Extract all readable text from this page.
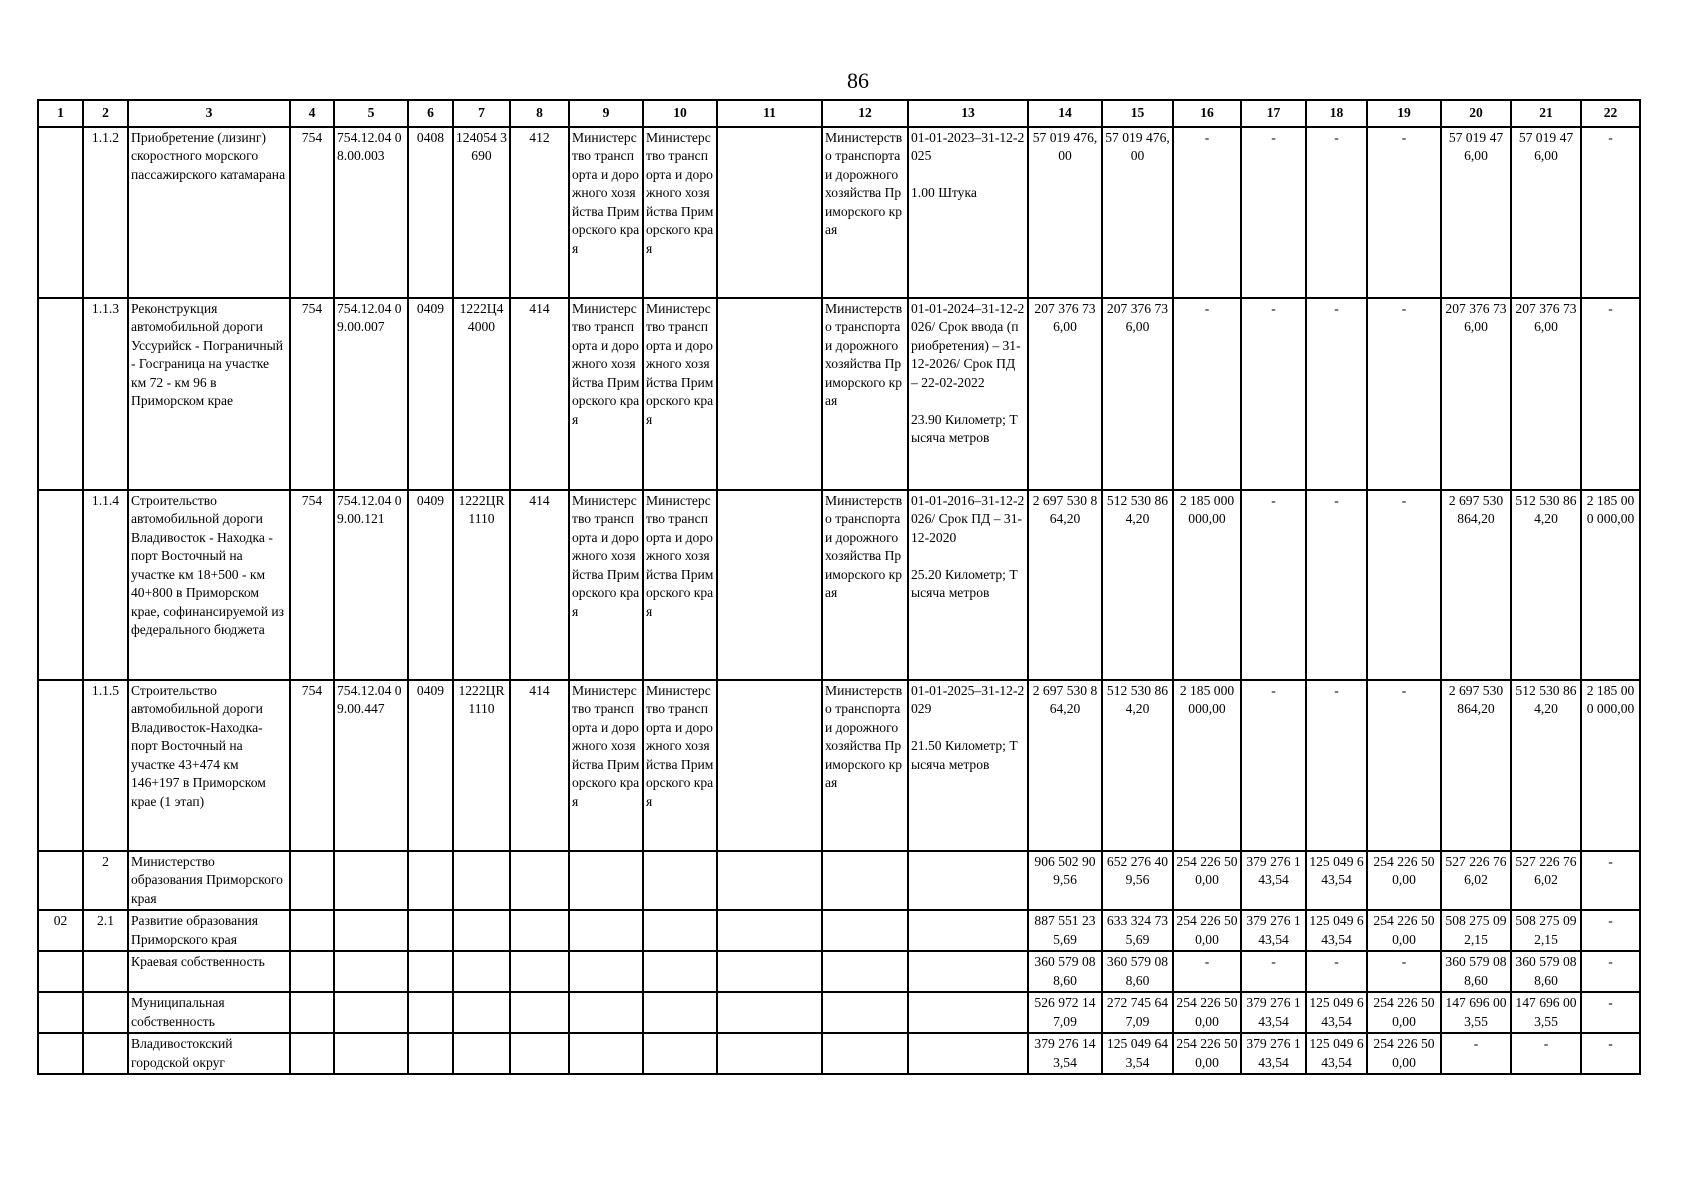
86
1	2	3	4	5	6	7	8	9	10	11	12	13	14	15	16	17	18	19	20	21	22
	1.1.2	Приобретение (лизинг) скоростного морского пассажирского катамарана	754	754.12.04 08.00.003	0408	124054 3690	412	Министерство транспорта и дорожного хозяйства Приморского края	Министерство транспорта и дорожного хозяйства Приморского края		Министерство транспорта и дорожного хозяйства Приморского края	01-01-2023–31-12-2025

1.00 Штука	57 019 476,00	57 019 476,00	-	-	-	-	57 019 476,00	57 019 476,00	-
	1.1.3	Реконструкция автомобильной дороги Уссурийск - Пограничный - Госграница на участке км 72 - км 96 в Приморском крае	754	754.12.04 09.00.007	0409	1222Ц4 4000	414	Министерство транспорта и дорожного хозяйства Приморского края	Министерство транспорта и дорожного хозяйства Приморского края		Министерство транспорта и дорожного хозяйства Приморского края	01-01-2024–31-12-2026/ Срок ввода (приобретения) – 31-12-2026/ Срок ПД – 22-02-2022

23.90 Километр; Тысяча метров	207 376 736,00	207 376 736,00	-	-	-	-	207 376 736,00	207 376 736,00	-
	1.1.4	Строительство автомобильной дороги Владивосток - Находка - порт Восточный на участке км 18+500 - км 40+800 в Приморском крае, софинансируемой из федерального бюджета	754	754.12.04 09.00.121	0409	1222ЦR 1110	414	Министерство транспорта и дорожного хозяйства Приморского края	Министерство транспорта и дорожного хозяйства Приморского края		Министерство транспорта и дорожного хозяйства Приморского края	01-01-2016–31-12-2026/ Срок ПД – 31-12-2020

25.20 Километр; Тысяча метров	2 697 530 864,20	512 530 864,20	2 185 000 000,00	-	-	-	2 697 530 864,20	512 530 864,20	2 185 000 000,00
	1.1.5	Строительство автомобильной дороги Владивосток-Находка-порт Восточный на участке 43+474 км 146+197 в Приморском крае (1 этап)	754	754.12.04 09.00.447	0409	1222ЦR 1110	414	Министерство транспорта и дорожного хозяйства Приморского края	Министерство транспорта и дорожного хозяйства Приморского края		Министерство транспорта и дорожного хозяйства Приморского края	01-01-2025–31-12-2029

21.50 Километр; Тысяча метров	2 697 530 864,20	512 530 864,20	2 185 000 000,00	-	-	-	2 697 530 864,20	512 530 864,20	2 185 000 000,00
	2	Министерство образования Приморского края											906 502 909,56	652 276 409,56	254 226 500,00	379 276 143,54	125 049 643,54	254 226 500,00	527 226 766,02	527 226 766,02	-
02	2.1	Развитие образования Приморского края											887 551 235,69	633 324 735,69	254 226 500,00	379 276 143,54	125 049 643,54	254 226 500,00	508 275 092,15	508 275 092,15	-
		Краевая собственность											360 579 088,60	360 579 088,60	-	-	-	-	360 579 088,60	360 579 088,60	-
		Муниципальная собственность											526 972 147,09	272 745 647,09	254 226 500,00	379 276 143,54	125 049 643,54	254 226 500,00	147 696 003,55	147 696 003,55	-
		Владивостокский городской округ											379 276 143,54	125 049 643,54	254 226 500,00	379 276 143,54	125 049 643,54	254 226 500,00	-	-	-
